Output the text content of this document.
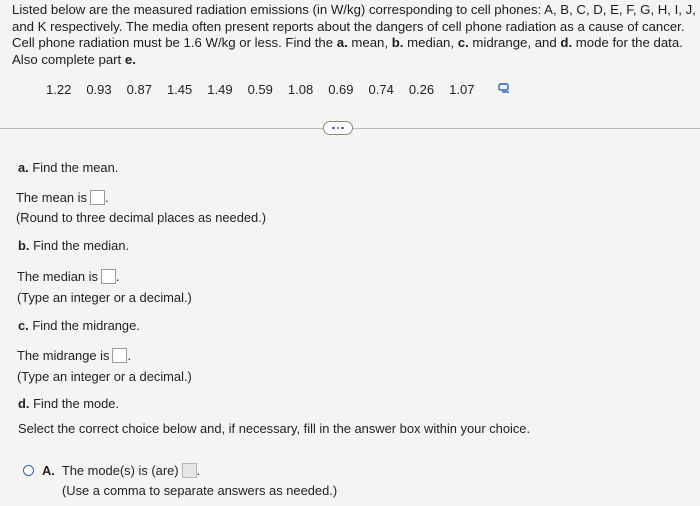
Listed below are the measured radiation emissions (in W/kg) corresponding to cell phones: A, B, C, D, E, F, G, H, I, J, and K respectively. The media often present reports about the dangers of cell phone radiation as a cause of cancer. Cell phone radiation must be 1.6 W/kg or less. Find the a. mean, b. median, c. midrange, and d. mode for the data. Also complete part e.
1.22 0.93 0.87 1.45 1.49 0.59 1.08 0.69 0.74 0.26 1.07
a. Find the mean.
The mean is .
(Round to three decimal places as needed.)
b. Find the median.
The median is .
(Type an integer or a decimal.)
c. Find the midrange.
The midrange is .
(Type an integer or a decimal.)
d. Find the mode.
Select the correct choice below and, if necessary, fill in the answer box within your choice.
A. The mode(s) is (are) .
(Use a comma to separate answers as needed.)
